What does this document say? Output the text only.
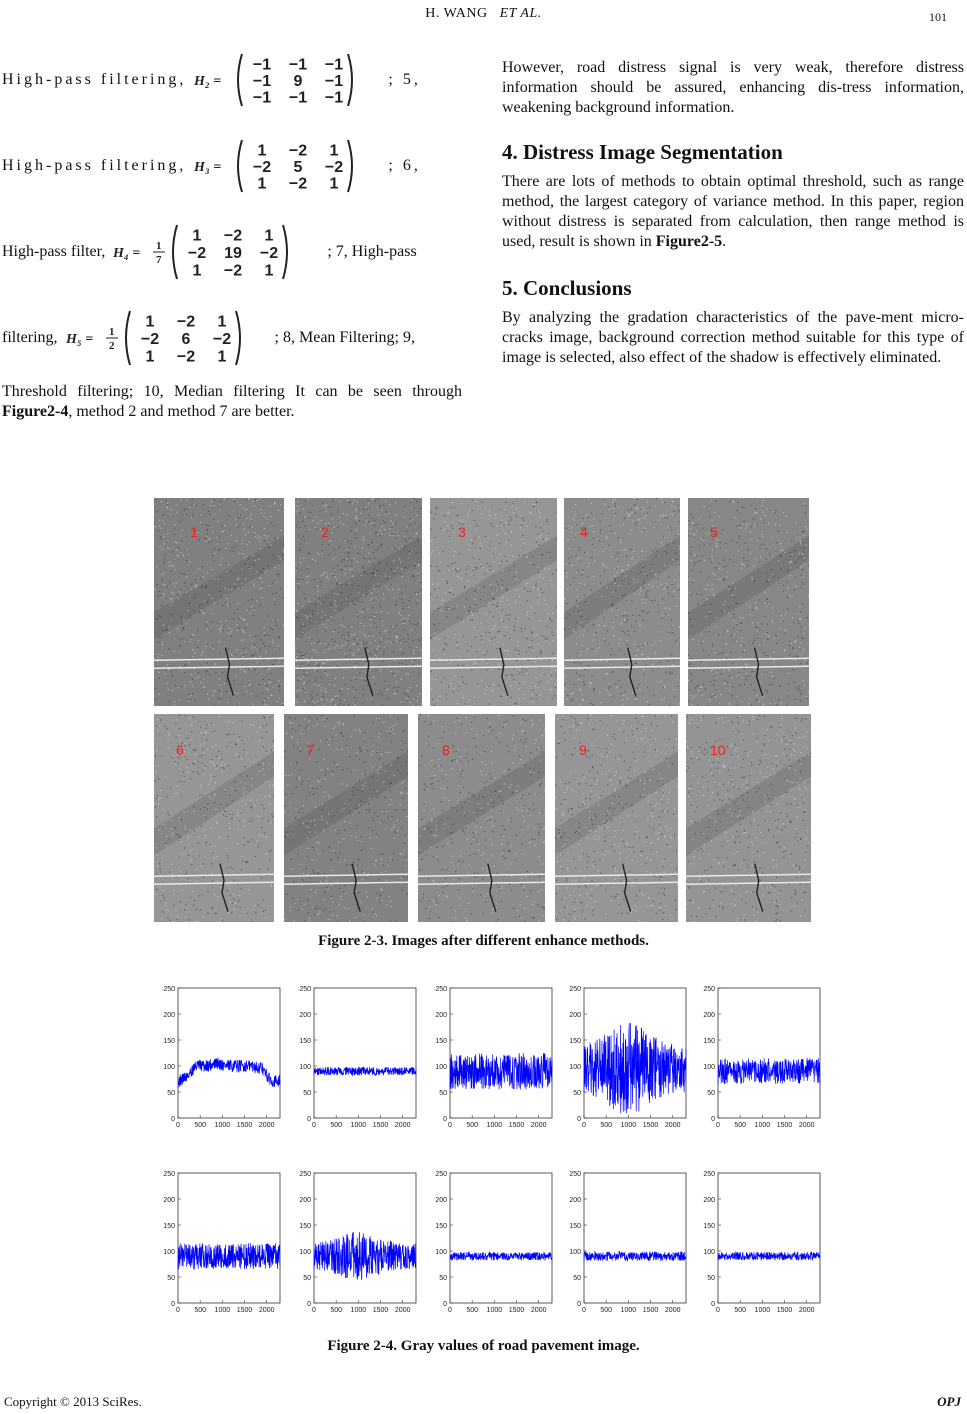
H. WANG ET AL.	101
High-pass filtering, H₂ =
−1 −1 −1
−1 9 −1
−1 −1 −1
; 5,
High-pass filtering, H₃ =
1 −2 1
−2 5 −2
1 −2 1
; 6,
High-pass filter, H₄ = 1
7
1 −2 1
−2 19 −2
1 −2 1
; 7, High-pass
filtering, H₅ = 1
2
1 −2 1
−2 6 −2
1 −2 1
; 8, Mean Filtering; 9,

Threshold filtering; 10, Median filtering It can be seen through Figure2-4, method 2 and method 7 are better.

However, road distress signal is very weak, therefore distress information should be assured, enhancing dis-tress information, weakening background information.

4. Distress Image Segmentation

There are lots of methods to obtain optimal threshold, such as range method, the largest category of variance method. In this paper, region without distress is separated from calculation, then range method is used, result is shown in Figure2-5.

5. Conclusions

By analyzing the gradation characteristics of the pave-ment micro-cracks image, background correction method suitable for this type of image is selected, also effect of the shadow is effectively eliminated.

1	2	3	4	5
6	7	8	9	10
Figure 2-3. Images after different enhance methods.
0
50
100
150
200
250
0 500 1000 1500 2000
0
50
100
150
200
250
0 500 1000 1500 2000
0
50
100
150
200
250
0 500 1000 1500 2000
0
50
100
150
200
250
0 500 1000 1500 2000
0
50
100
150
200
250
0 500 1000 1500 2000
0
50
100
150
200
250
0 500 1000 1500 2000
0
50
100
150
200
250
0 500 1000 1500 2000
0
50
100
150
200
250
0 500 1000 1500 2000
0
50
100
150
200
250
0 500 1000 1500 2000
0
50
100
150
200
250
0 500 1000 1500 2000
Figure 2-4. Gray values of road pavement image.
Copyright © 2013 SciRes.	OPJ
